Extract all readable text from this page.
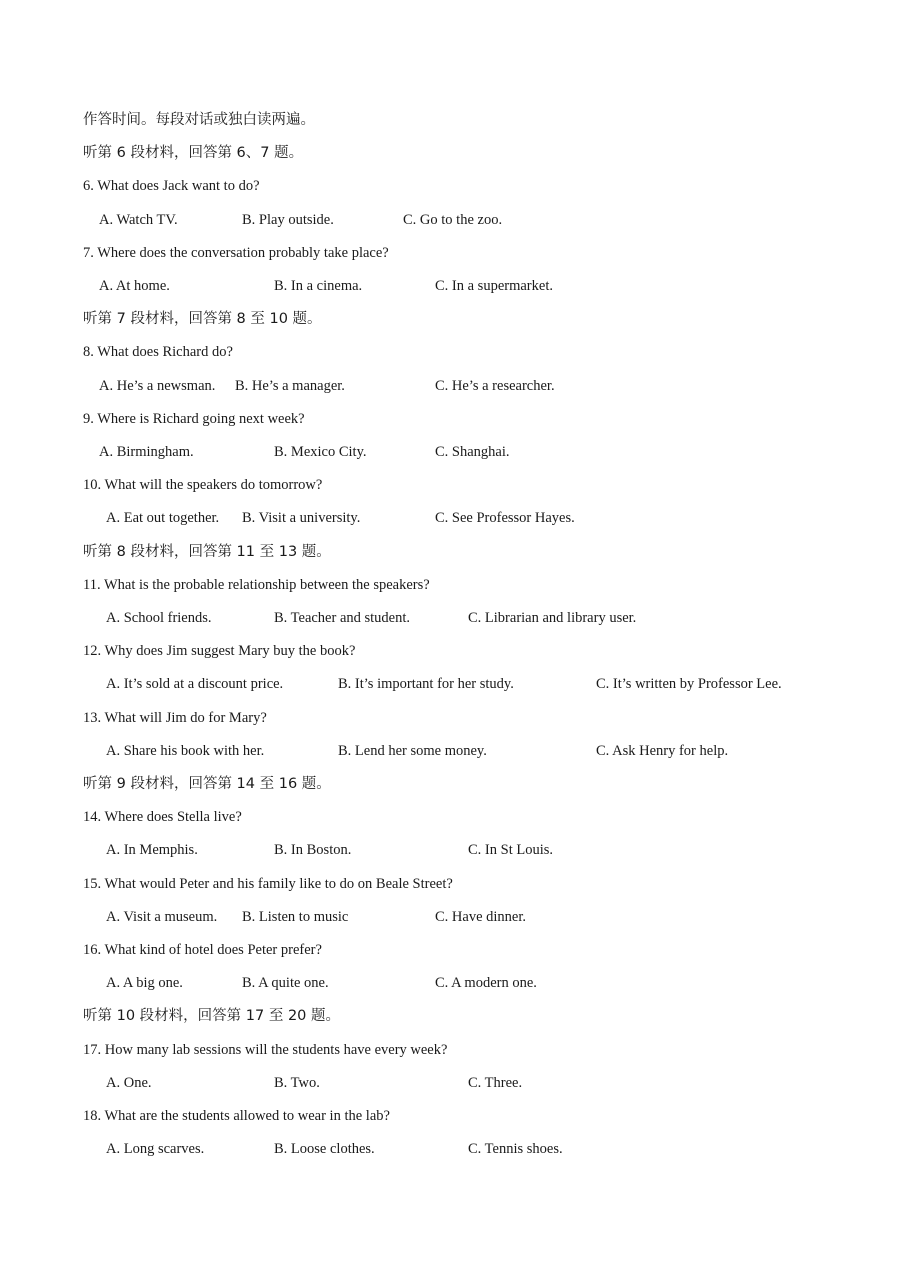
作答时间。每段对话或独白读两遍。
听第 6 段材料，回答第 6、7 题。
6. What does Jack want to do?
A. Watch TV.	B. Play outside.	C. Go to the zoo.
7. Where does the conversation probably take place?
A. At home.	B. In a cinema.	C. In a supermarket.
听第 7 段材料，回答第 8 至 10 题。
8. What does Richard do?
A. He’s a newsman. B. He’s a manager.	C. He’s a researcher.
9. Where is Richard going next week?
A. Birmingham.	B. Mexico City.	C. Shanghai.
10. What will the speakers do tomorrow?
A. Eat out together. B. Visit a university.	C. See Professor Hayes.
听第 8 段材料，回答第 11 至 13 题。
11. What is the probable relationship between the speakers?
A. School friends.	B. Teacher and student.	C. Librarian and library user.
12. Why does Jim suggest Mary buy the book?
A. It’s sold at a discount price.	B. It’s important for her study.	C. It’s written by Professor Lee.
13. What will Jim do for Mary?
A. Share his book with her.	B. Lend her some money.	C. Ask Henry for help.
听第 9 段材料，回答第 14 至 16 题。
14. Where does Stella live?
A. In Memphis.	B. In Boston.	C. In St Louis.
15. What would Peter and his family like to do on Beale Street?
A. Visit a museum. B. Listen to music	C. Have dinner.
16. What kind of hotel does Peter prefer?
A. A big one.	B. A quite one.	C. A modern one.
听第 10 段材料，回答第 17 至 20 题。
17. How many lab sessions will the students have every week?
A. One.	B. Two.	C. Three.
18. What are the students allowed to wear in the lab?
A. Long scarves.	B. Loose clothes.	C. Tennis shoes.
